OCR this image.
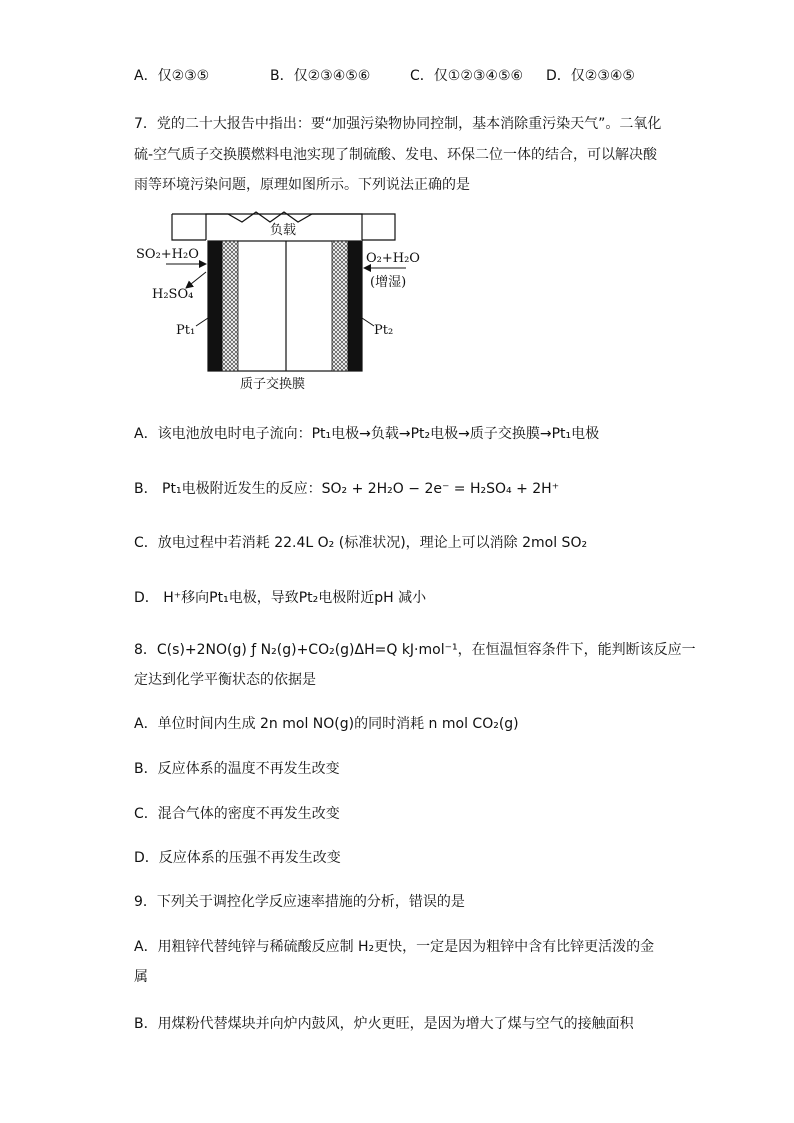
A．仅②③⑤	B．仅②③④⑤⑥	C．仅①②③④⑤⑥ D．仅②③④⑤
7．党的二十大报告中指出：要“加强污染物协同控制，基本消除重污染天气”。二氧化
硫-空气质子交换膜燃料电池实现了制硫酸、发电、环保二位一体的结合，可以解决酸
雨等环境污染问题，原理如图所示。下列说法正确的是
负载
SO₂+H₂O
H₂SO₄
Pt₁
O₂+H₂O
(增湿)
Pt₂
质子交换膜
A．该电池放电时电子流向：Pt₁电极→负载→Pt₂电极→质子交换膜→Pt₁电极
B． Pt₁电极附近发生的反应：SO₂ + 2H₂O − 2e⁻ = H₂SO₄ + 2H⁺
C．放电过程中若消耗 22.4L O₂ (标准状况)，理论上可以消除 2mol SO₂
D． H⁺移向Pt₁电极，导致Pt₂电极附近pH 减小
8．C(s)+2NO(g) ƒ N₂(g)+CO₂(g)ΔH=Q kJ·mol⁻¹，在恒温恒容条件下，能判断该反应一
定达到化学平衡状态的依据是
A．单位时间内生成 2n mol NO(g)的同时消耗 n mol CO₂(g)
B．反应体系的温度不再发生改变
C．混合气体的密度不再发生改变
D．反应体系的压强不再发生改变
9．下列关于调控化学反应速率措施的分析，错误的是
A．用粗锌代替纯锌与稀硫酸反应制 H₂更快，一定是因为粗锌中含有比锌更活泼的金
属
B．用煤粉代替煤块并向炉内鼓风，炉火更旺，是因为增大了煤与空气的接触面积
